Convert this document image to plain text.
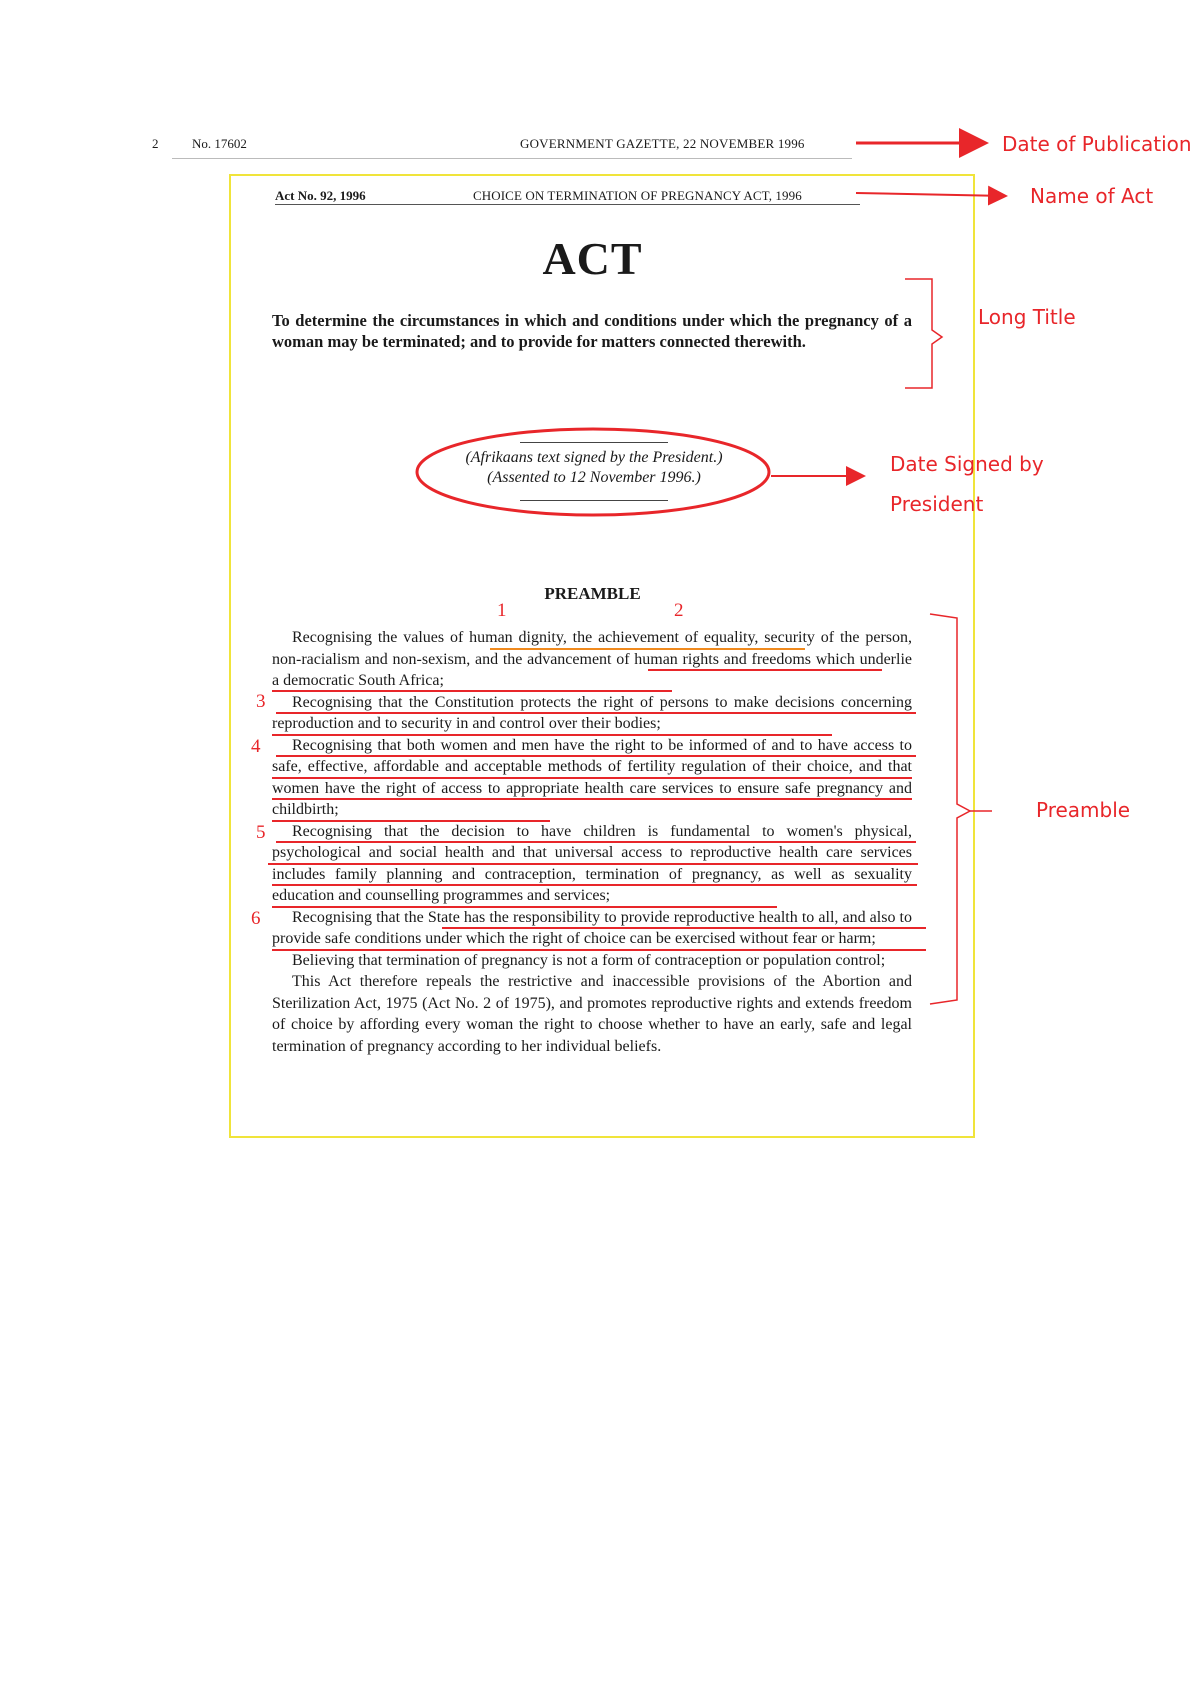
2	No. 17602	GOVERNMENT GAZETTE, 22 NOVEMBER 1996
Act No. 92, 1996	CHOICE ON TERMINATION OF PREGNANCY ACT, 1996
ACT
To determine the circumstances in which and conditions under which the pregnancy of a woman may be terminated; and to provide for matters connected therewith.
(Afrikaans text signed by the President.)
(Assented to 12 November 1996.)
PREAMBLE

Recognising the values of human dignity, the achievement of equality, security of the person, non-racialism and non-sexism, and the advancement of human rights and freedoms which underlie a democratic South Africa;

Recognising that the Constitution protects the right of persons to make decisions concerning reproduction and to security in and control over their bodies;

Recognising that both women and men have the right to be informed of and to have access to safe, effective, affordable and acceptable methods of fertility regulation of their choice, and that women have the right of access to appropriate health care services to ensure safe pregnancy and childbirth;

Recognising that the decision to have children is fundamental to women's physical, psychological and social health and that universal access to reproductive health care services includes family planning and contraception, termination of pregnancy, as well as sexuality education and counselling programmes and services;

Recognising that the State has the responsibility to provide reproductive health to all, and also to provide safe conditions under which the right of choice can be exercised without fear or harm;

Believing that termination of pregnancy is not a form of contraception or population control;

This Act therefore repeals the restrictive and inaccessible provisions of the Abortion and Sterilization Act, 1975 (Act No. 2 of 1975), and promotes reproductive rights and extends freedom of choice by affording every woman the right to choose whether to have an early, safe and legal termination of pregnancy according to her individual beliefs.

Date of Publication
Name of Act
Long Title
Date Signed by
President
Preamble
1	2
3
4
5
6
